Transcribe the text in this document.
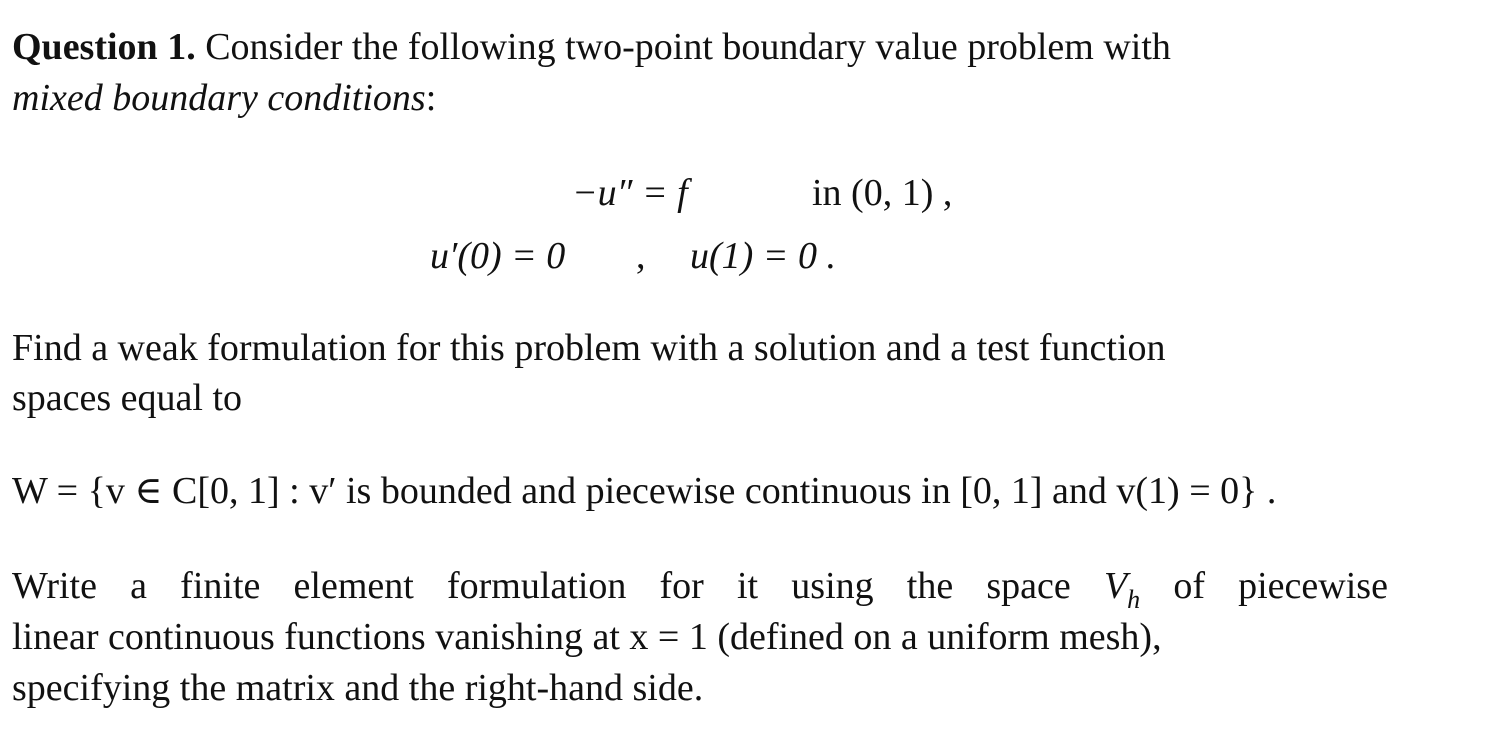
Question 1. Consider the following two-point boundary value problem with
mixed boundary conditions:
−u″ = f	in (0, 1) ,
u′(0) = 0 , u(1) = 0 .
Find a weak formulation for this problem with a solution and a test function
spaces equal to
W = {v ∈ C[0, 1] : v′ is bounded and piecewise continuous in [0, 1] and v(1) = 0} .
Write a finite element formulation for it using the space $V_h$ of piecewise
linear continuous functions vanishing at x = 1 (defined on a uniform mesh),
specifying the matrix and the right-hand side.
